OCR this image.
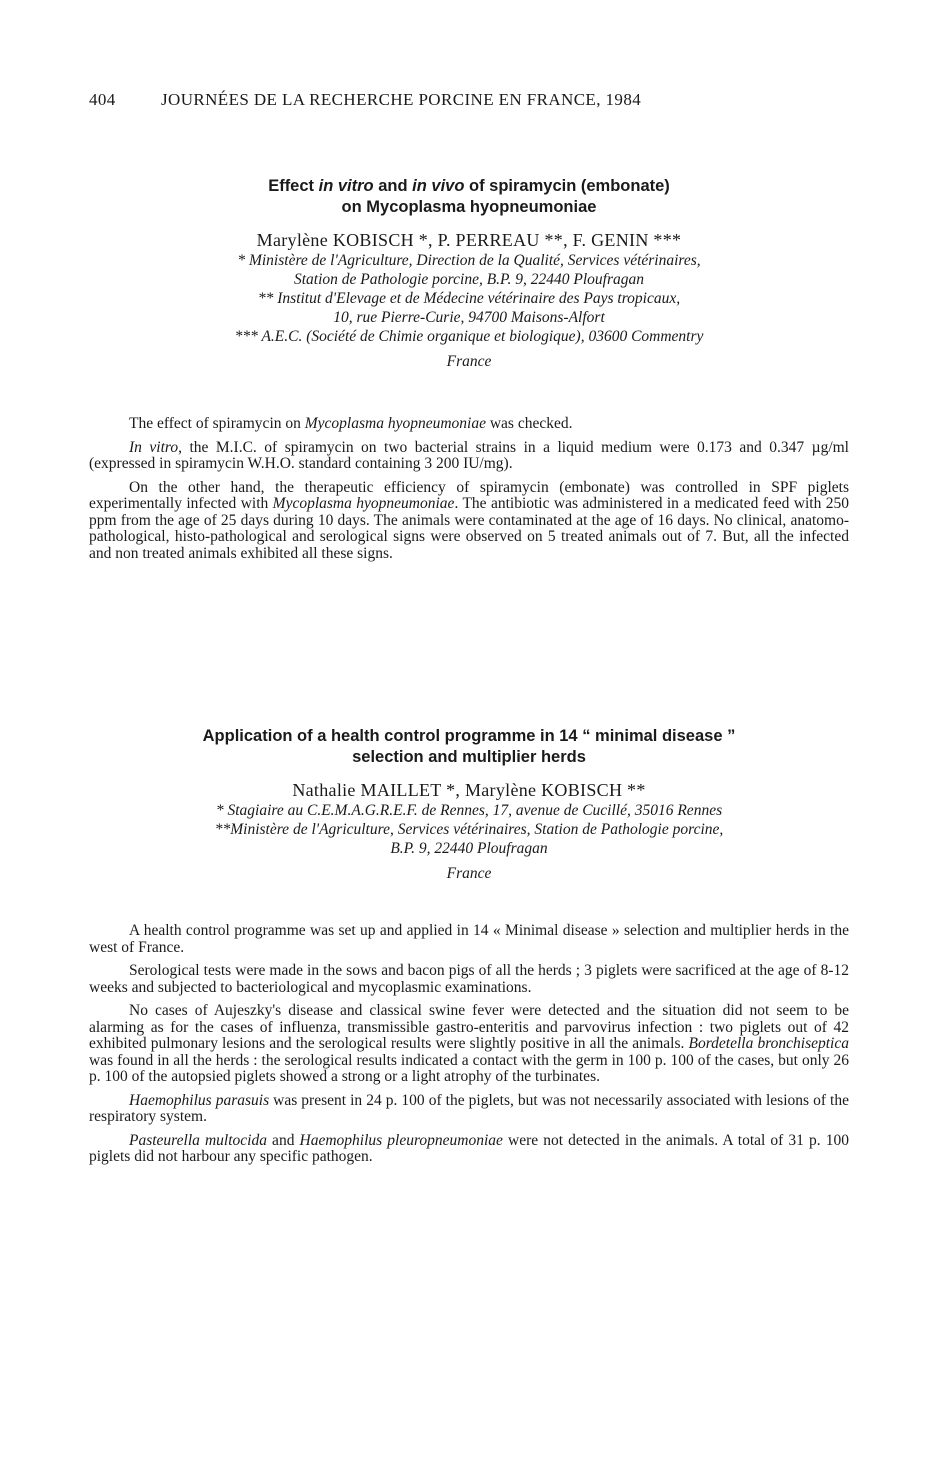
404	JOURNÉES DE LA RECHERCHE PORCINE EN FRANCE, 1984
Effect in vitro and in vivo of spiramycin (embonate)
on Mycoplasma hyopneumoniae
Marylène KOBISCH *, P. PERREAU **, F. GENIN ***
* Ministère de l'Agriculture, Direction de la Qualité, Services vétérinaires,
Station de Pathologie porcine, B.P. 9, 22440 Ploufragan
** Institut d'Elevage et de Médecine vétérinaire des Pays tropicaux,
10, rue Pierre-Curie, 94700 Maisons-Alfort
*** A.E.C. (Société de Chimie organique et biologique), 03600 Commentry
France

The effect of spiramycin on Mycoplasma hyopneumoniae was checked.

In vitro, the M.I.C. of spiramycin on two bacterial strains in a liquid medium were 0.173 and 0.347 µg/ml (expressed in spiramycin W.H.O. standard containing 3 200 IU/mg).

On the other hand, the therapeutic efficiency of spiramycin (embonate) was controlled in SPF piglets experimentally infected with Mycoplasma hyopneumoniae. The antibiotic was administered in a medicated feed with 250 ppm from the age of 25 days during 10 days. The animals were contaminated at the age of 16 days. No clinical, anatomo-pathological, histo-pathological and serological signs were observed on 5 treated animals out of 7. But, all the infected and non treated animals exhibited all these signs.

Application of a health control programme in 14 “ minimal disease ”
selection and multiplier herds
Nathalie MAILLET *, Marylène KOBISCH **
* Stagiaire au C.E.M.A.G.R.E.F. de Rennes, 17, avenue de Cucillé, 35016 Rennes
**Ministère de l'Agriculture, Services vétérinaires, Station de Pathologie porcine,
B.P. 9, 22440 Ploufragan
France

A health control programme was set up and applied in 14 « Minimal disease » selection and multiplier herds in the west of France.

Serological tests were made in the sows and bacon pigs of all the herds ; 3 piglets were sacrificed at the age of 8-12 weeks and subjected to bacteriological and mycoplasmic examinations.

No cases of Aujeszky's disease and classical swine fever were detected and the situation did not seem to be alarming as for the cases of influenza, transmissible gastro-enteritis and parvovirus infection : two piglets out of 42 exhibited pulmonary lesions and the serological results were slightly positive in all the animals. Bordetella bronchiseptica was found in all the herds : the serological results indicated a contact with the germ in 100 p. 100 of the cases, but only 26 p. 100 of the autopsied piglets showed a strong or a light atrophy of the turbinates.

Haemophilus parasuis was present in 24 p. 100 of the piglets, but was not necessarily associated with lesions of the respiratory system.

Pasteurella multocida and Haemophilus pleuropneumoniae were not detected in the animals. A total of 31 p. 100 piglets did not harbour any specific pathogen.
